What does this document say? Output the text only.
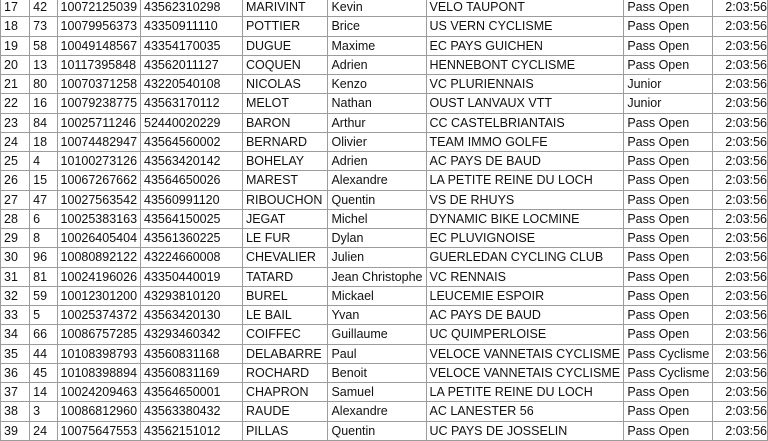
17	42	10072125039	43562310298	MARIVINT	Kevin	VELO TAUPONT	Pass Open	2:03:56
18	73	10079956373	43350911110	POTTIER	Brice	US VERN CYCLISME	Pass Open	2:03:56
19	58	10049148567	43354170035	DUGUE	Maxime	EC PAYS GUICHEN	Pass Open	2:03:56
20	13	10117395848	43562011127	COQUEN	Adrien	HENNEBONT CYCLISME	Pass Open	2:03:56
21	80	10070371258	43220540108	NICOLAS	Kenzo	VC PLURIENNAIS	Junior	2:03:56
22	16	10079238775	43563170112	MELOT	Nathan	OUST LANVAUX VTT	Junior	2:03:56
23	84	10025711246	52440020229	BARON	Arthur	CC CASTELBRIANTAIS	Pass Open	2:03:56
24	18	10074482947	43564560002	BERNARD	Olivier	TEAM IMMO GOLFE	Pass Open	2:03:56
25	4	10100273126	43563420142	BOHELAY	Adrien	AC PAYS DE BAUD	Pass Open	2:03:56
26	15	10067267662	43564650026	MAREST	Alexandre	LA PETITE REINE DU LOCH	Pass Open	2:03:56
27	47	10027563542	43560991120	RIBOUCHON	Quentin	VS DE RHUYS	Pass Open	2:03:56
28	6	10025383163	43564150025	JEGAT	Michel	DYNAMIC BIKE LOCMINE	Pass Open	2:03:56
29	8	10026405404	43561360225	LE FUR	Dylan	EC PLUVIGNOISE	Pass Open	2:03:56
30	96	10080892122	43224660008	CHEVALIER	Julien	GUERLEDAN CYCLING CLUB	Pass Open	2:03:56
31	81	10024196026	43350440019	TATARD	Jean Christophe	VC RENNAIS	Pass Open	2:03:56
32	59	10012301200	43293810120	BUREL	Mickael	LEUCEMIE ESPOIR	Pass Open	2:03:56
33	5	10025374372	43563420130	LE BAIL	Yvan	AC PAYS DE BAUD	Pass Open	2:03:56
34	66	10086757285	43293460342	COIFFEC	Guillaume	UC QUIMPERLOISE	Pass Open	2:03:56
35	44	10108398793	43560831168	DELABARRE	Paul	VELOCE VANNETAIS CYCLISME	Pass Cyclisme	2:03:56
36	45	10108398894	43560831169	ROCHARD	Benoit	VELOCE VANNETAIS CYCLISME	Pass Cyclisme	2:03:56
37	14	10024209463	43564650001	CHAPRON	Samuel	LA PETITE REINE DU LOCH	Pass Open	2:03:56
38	3	10086812960	43563380432	RAUDE	Alexandre	AC LANESTER 56	Pass Open	2:03:56
39	24	10075647553	43562151012	PILLAS	Quentin	UC PAYS DE JOSSELIN	Pass Open	2:03:56
